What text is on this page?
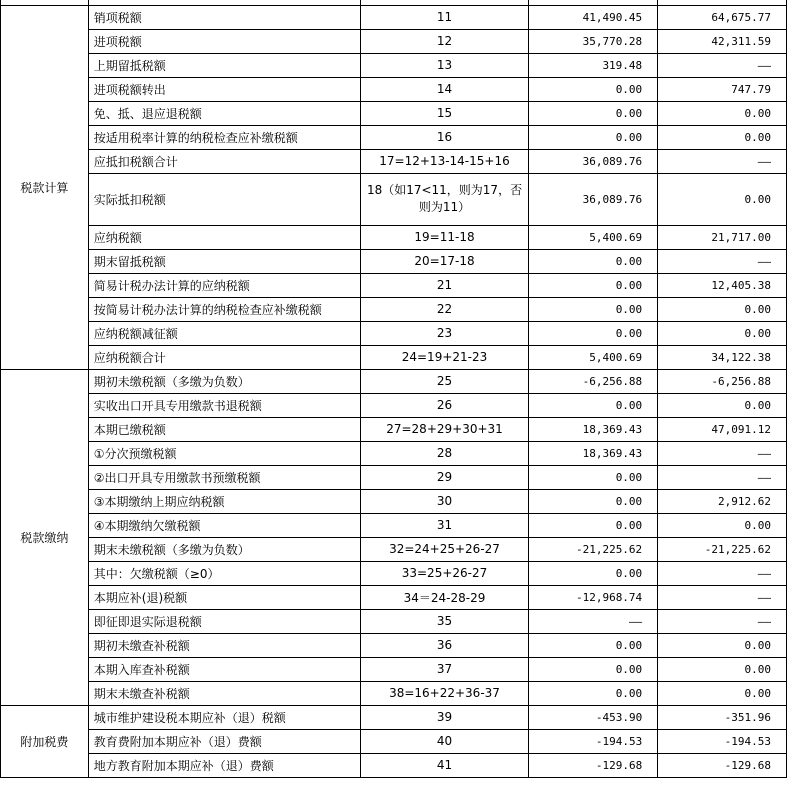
税款计算	销项税额	11	41,490.45	64,675.77
	进项税额	12	35,770.28	42,311.59
	上期留抵税额	13	319.48	——
	进项税额转出	14	0.00	747.79
	免、抵、退应退税额	15	0.00	0.00
	按适用税率计算的纳税检查应补缴税额	16	0.00	0.00
	应抵扣税额合计	17=12+13-14-15+16	36,089.76	——
	实际抵扣税额	18（如17<11，则为17，否则为11）	36,089.76	0.00
	应纳税额	19=11-18	5,400.69	21,717.00
	期末留抵税额	20=17-18	0.00	——
	简易计税办法计算的应纳税额	21	0.00	12,405.38
	按简易计税办法计算的纳税检查应补缴税额	22	0.00	0.00
	应纳税额减征额	23	0.00	0.00
	应纳税额合计	24=19+21-23	5,400.69	34,122.38
税款缴纳	期初未缴税额（多缴为负数）	25	-6,256.88	-6,256.88
	实收出口开具专用缴款书退税额	26	0.00	0.00
	本期已缴税额	27=28+29+30+31	18,369.43	47,091.12
	①分次预缴税额	28	18,369.43	——
	②出口开具专用缴款书预缴税额	29	0.00	——
	③本期缴纳上期应纳税额	30	0.00	2,912.62
	④本期缴纳欠缴税额	31	0.00	0.00
	期末未缴税额（多缴为负数）	32=24+25+26-27	-21,225.62	-21,225.62
	其中：欠缴税额（≥0）	33=25+26-27	0.00	——
	本期应补(退)税额	34＝24-28-29	-12,968.74	——
	即征即退实际退税额	35	——	——
	期初未缴查补税额	36	0.00	0.00
	本期入库查补税额	37	0.00	0.00
	期末未缴查补税额	38=16+22+36-37	0.00	0.00
附加税费	城市维护建设税本期应补（退）税额	39	-453.90	-351.96
	教育费附加本期应补（退）费额	40	-194.53	-194.53
	地方教育附加本期应补（退）费额	41	-129.68	-129.68
